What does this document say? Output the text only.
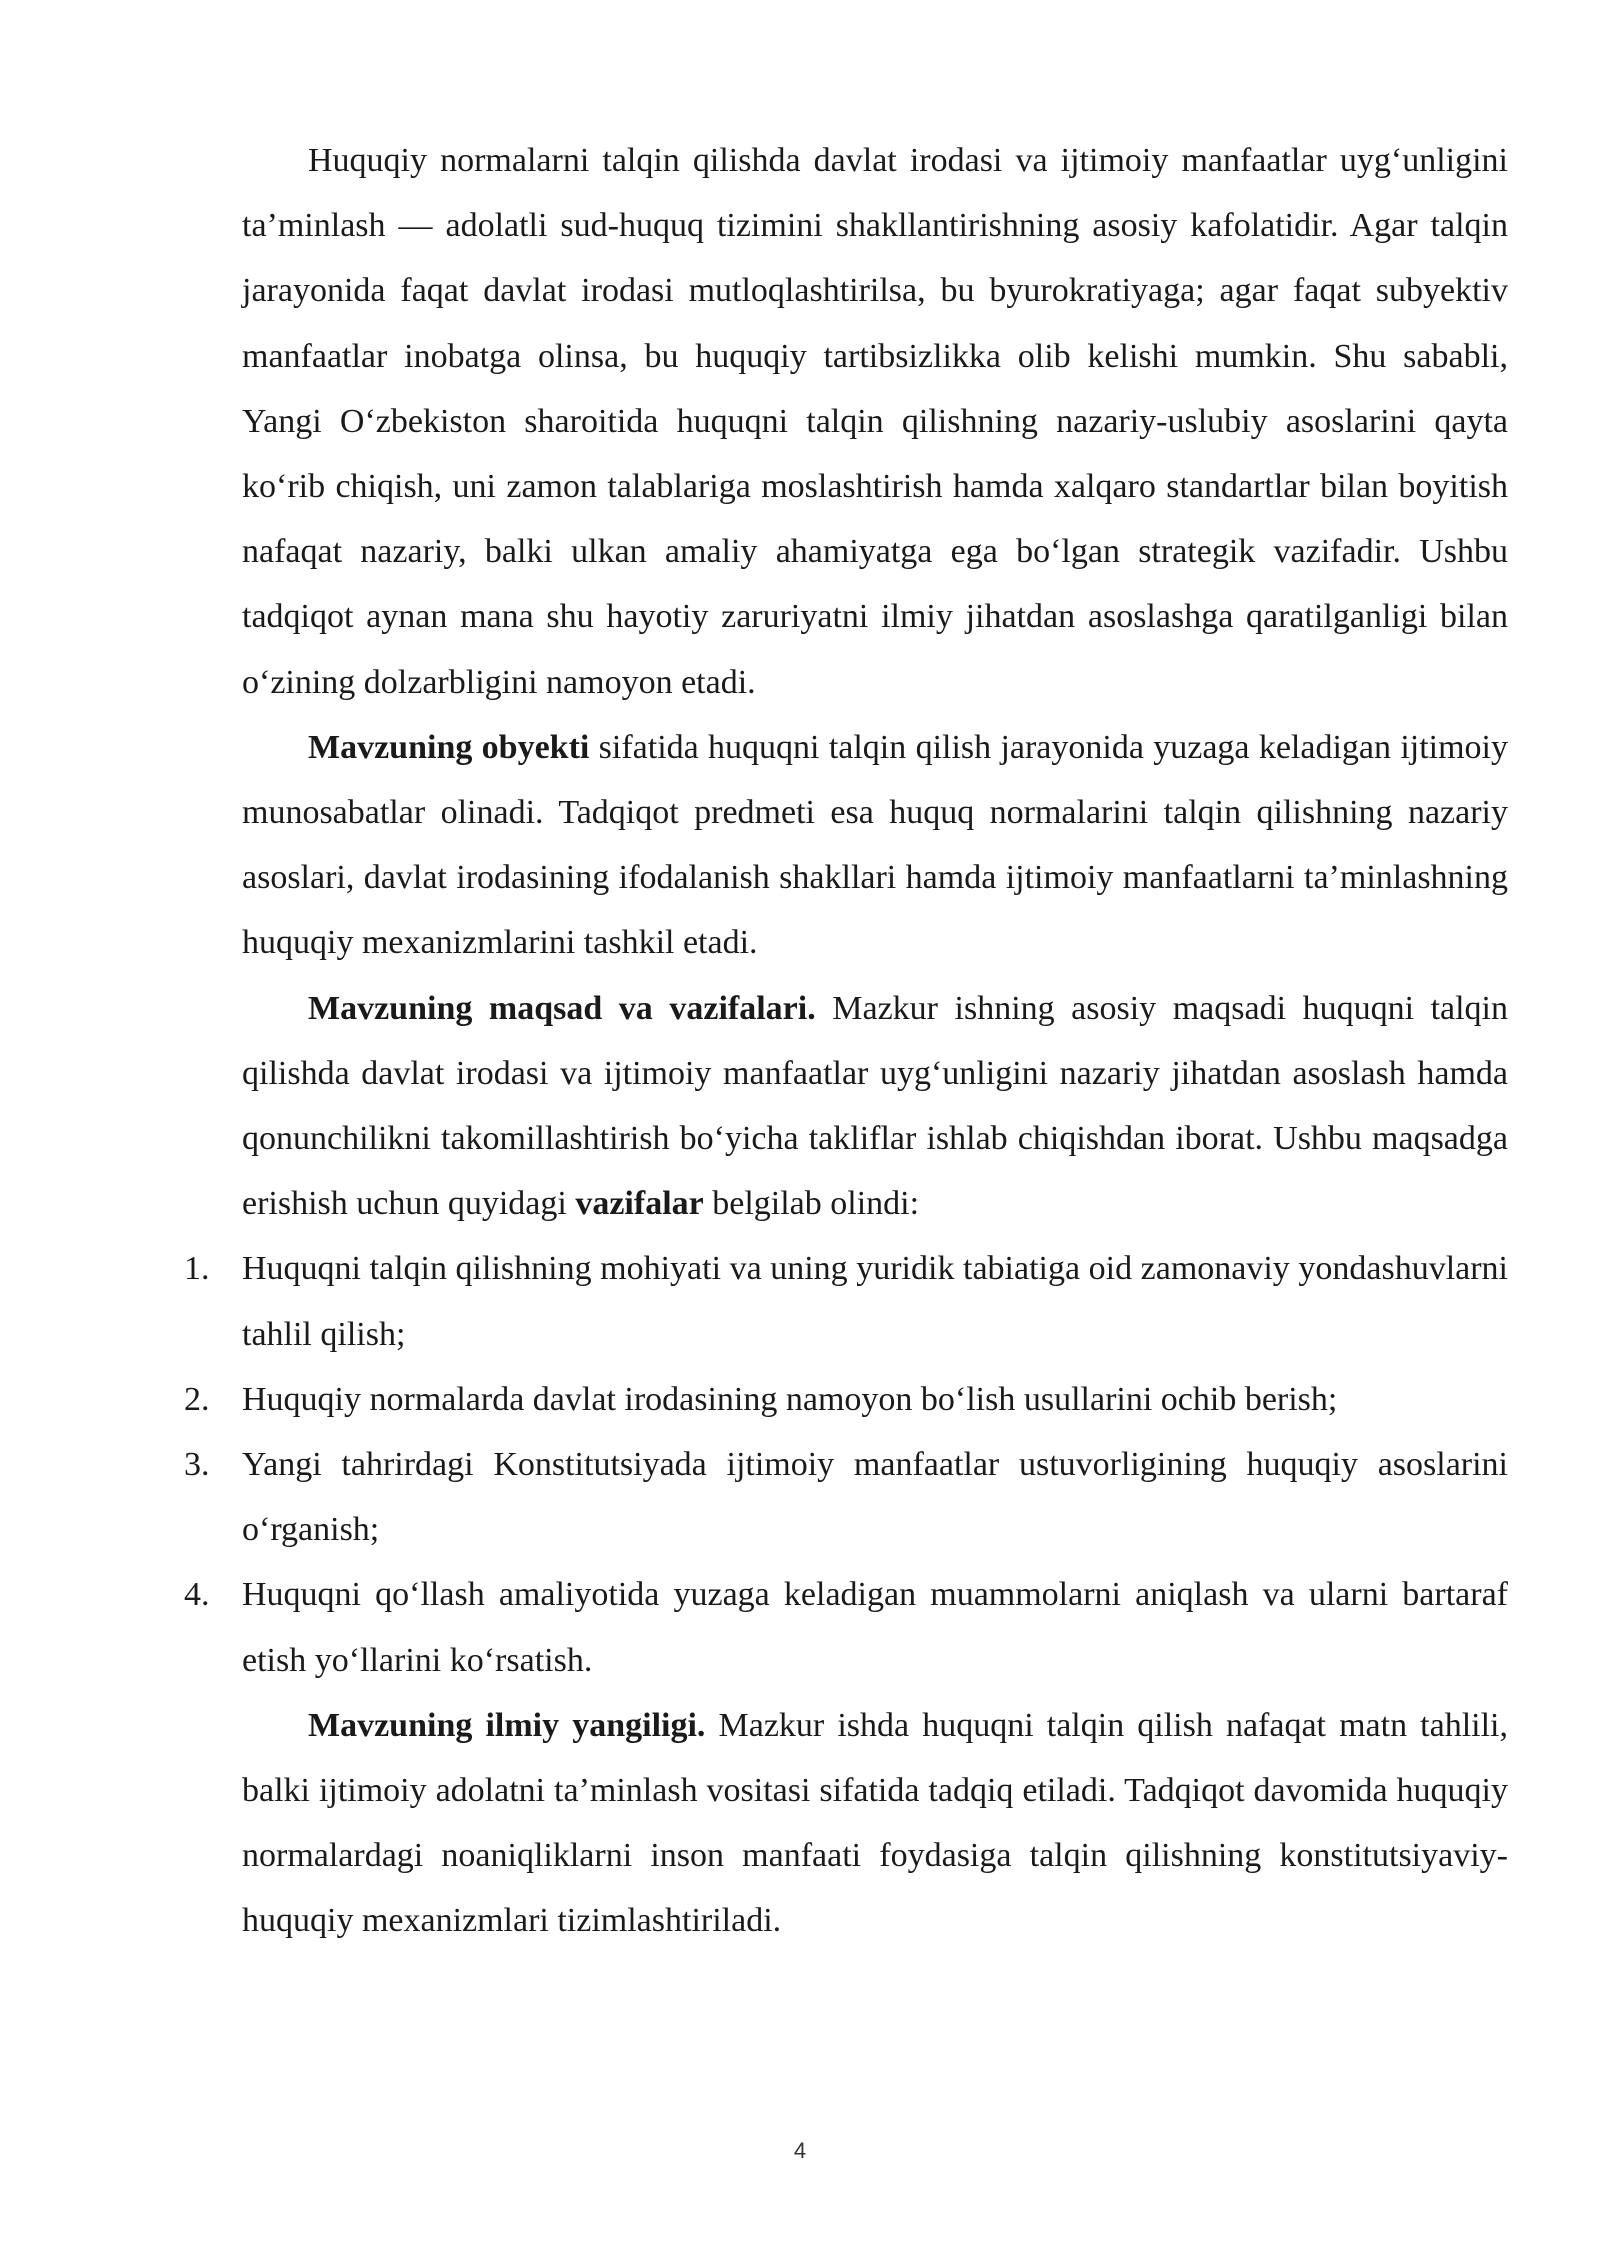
Huquqiy normalarni talqin qilishda davlat irodasi va ijtimoiy manfaatlar uyg‘unligini ta’minlash — adolatli sud-huquq tizimini shakllantirishning asosiy kafolatidir. Agar talqin jarayonida faqat davlat irodasi mutloqlashtirilsa, bu byurokratiyaga; agar faqat subyektiv manfaatlar inobatga olinsa, bu huquqiy tartibsizlikka olib kelishi mumkin. Shu sababli, Yangi O‘zbekiston sharoitida huquqni talqin qilishning nazariy-uslubiy asoslarini qayta ko‘rib chiqish, uni zamon talablariga moslashtirish hamda xalqaro standartlar bilan boyitish nafaqat nazariy, balki ulkan amaliy ahamiyatga ega bo‘lgan strategik vazifadir. Ushbu tadqiqot aynan mana shu hayotiy zaruriyatni ilmiy jihatdan asoslashga qaratilganligi bilan o‘zining dolzarbligini namoyon etadi.

Mavzuning obyekti sifatida huquqni talqin qilish jarayonida yuzaga keladigan ijtimoiy munosabatlar olinadi. Tadqiqot predmeti esa huquq normalarini talqin qilishning nazariy asoslari, davlat irodasining ifodalanish shakllari hamda ijtimoiy manfaatlarni ta’minlashning huquqiy mexanizmlarini tashkil etadi.

Mavzuning maqsad va vazifalari. Mazkur ishning asosiy maqsadi huquqni talqin qilishda davlat irodasi va ijtimoiy manfaatlar uyg‘unligini nazariy jihatdan asoslash hamda qonunchilikni takomillashtirish bo‘yicha takliflar ishlab chiqishdan iborat. Ushbu maqsadga erishish uchun quyidagi vazifalar belgilab olindi:

1. Huquqni talqin qilishning mohiyati va uning yuridik tabiatiga oid zamonaviy yondashuvlarni tahlil qilish;
2. Huquqiy normalarda davlat irodasining namoyon bo‘lish usullarini ochib berish;
3. Yangi tahrirdagi Konstitutsiyada ijtimoiy manfaatlar ustuvorligining huquqiy asoslarini o‘rganish;
4. Huquqni qo‘llash amaliyotida yuzaga keladigan muammolarni aniqlash va ularni bartaraf etish yo‘llarini ko‘rsatish.

Mavzuning ilmiy yangiligi. Mazkur ishda huquqni talqin qilish nafaqat matn tahlili, balki ijtimoiy adolatni ta’minlash vositasi sifatida tadqiq etiladi. Tadqiqot davomida huquqiy normalardagi noaniqliklarni inson manfaati foydasiga talqin qilishning konstitutsiyaviy-huquqiy mexanizmlari tizimlashtiriladi.

4
